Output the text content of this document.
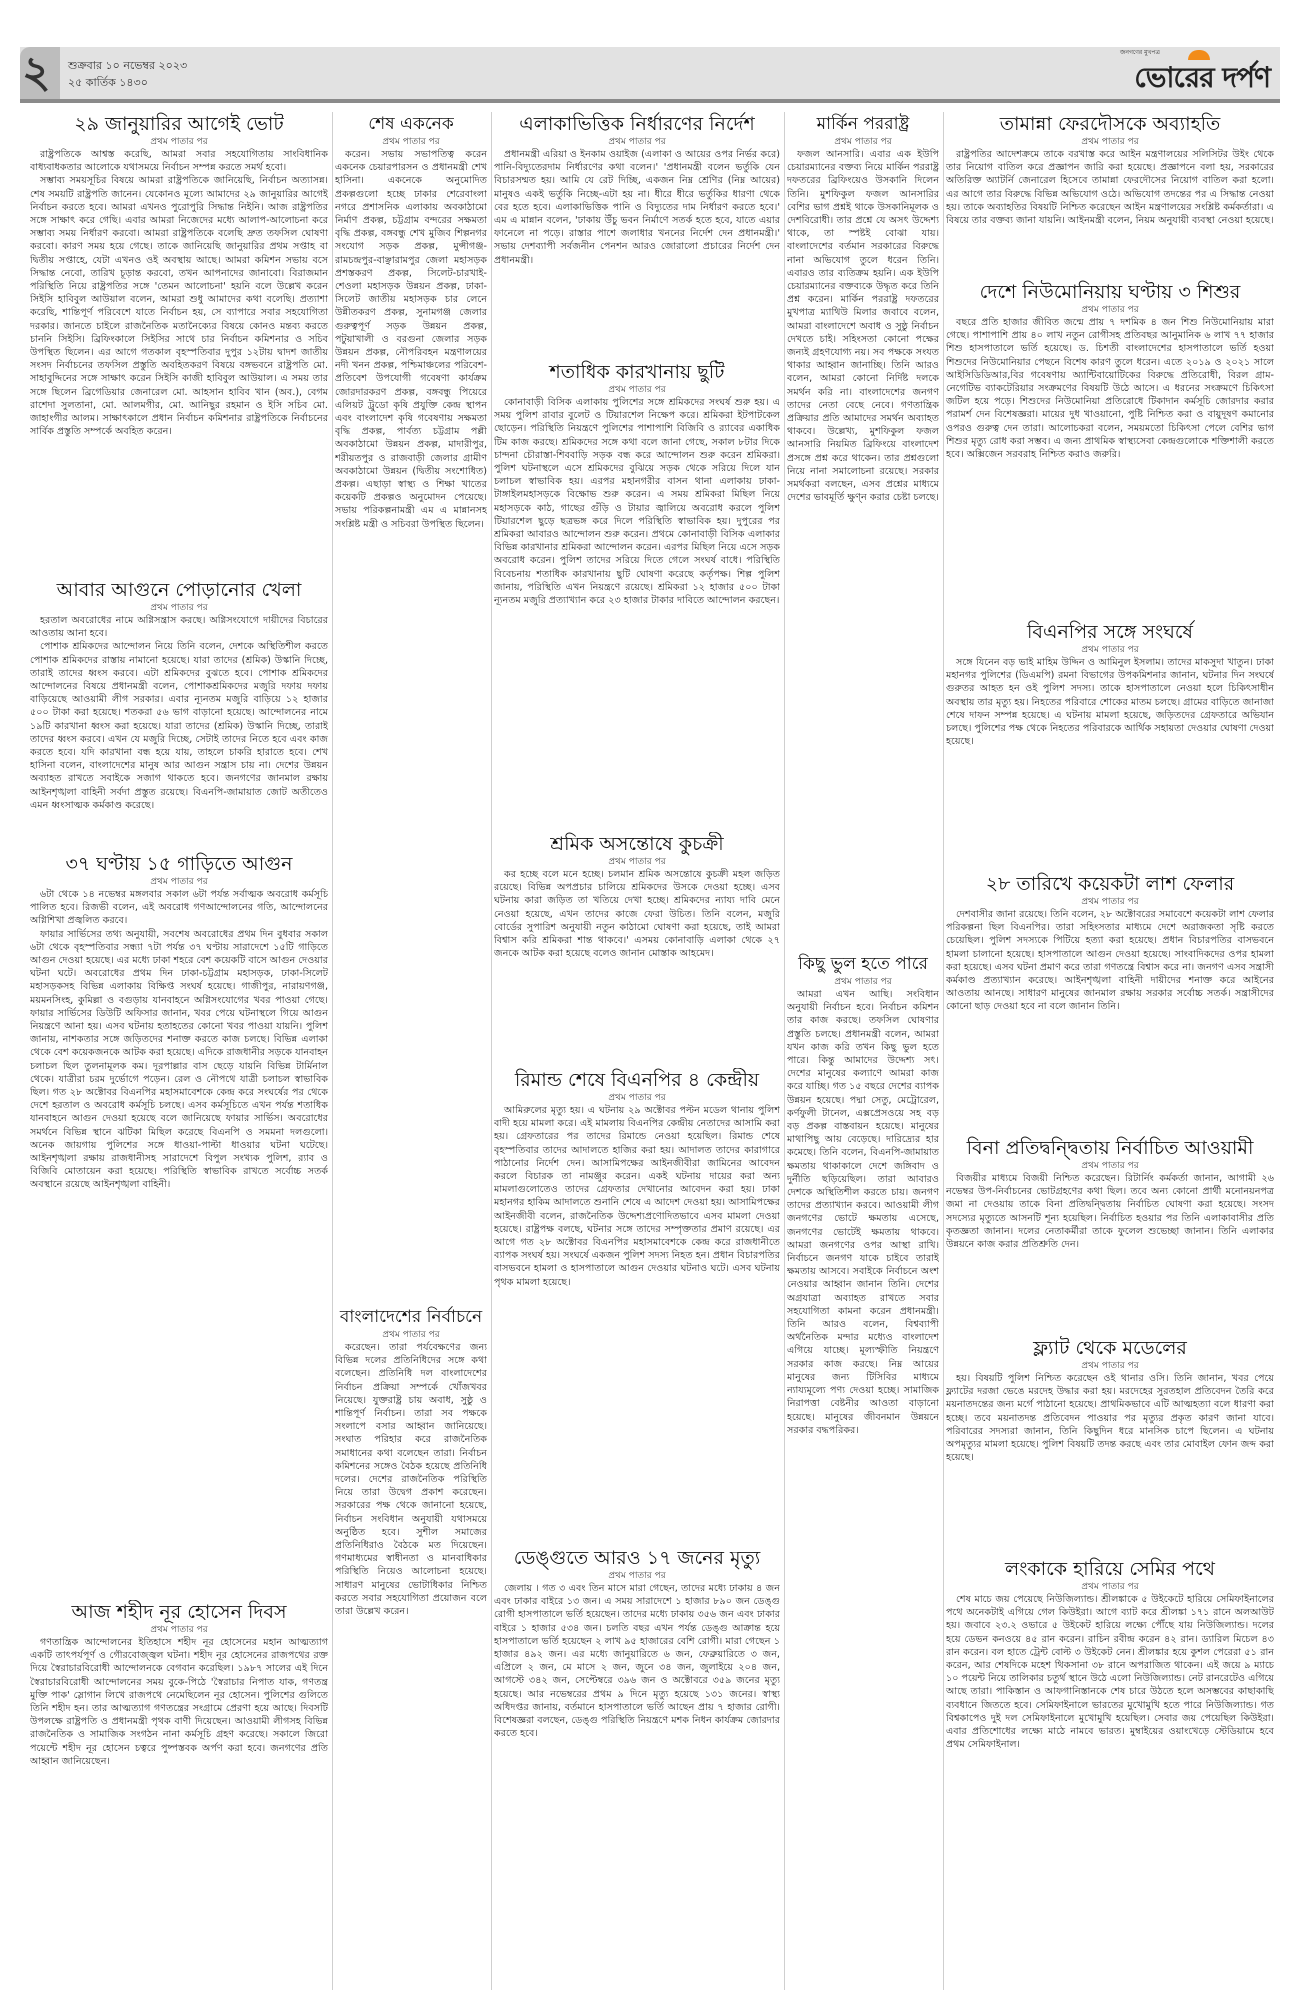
২ শুক্রবার ১০ নভেম্বর ২০২৩
২৫ কার্তিক ১৪৩০
জনগণের মুখপত্র
ভোরের দর্পণ
২৯ জানুয়ারির আগেই ভোট
প্রথম পাতার পর

রাষ্ট্রপতিকে আশ্বস্ত করেছি, আমরা সবার সহযোগিতায় সাংবিধানিক বাধ্যবাধকতার আলোকে যথাসময়ে নির্বাচন সম্পন্ন করতে সমর্থ হবো।

সম্ভাব্য সময়সূচির বিষয়ে আমরা রাষ্ট্রপতিকে জানিয়েছি, নির্বাচন অত্যাসন্ন। শেষ সময়টি রাষ্ট্রপতি জানেন। যেকোনও মূল্যে আমাদের ২৯ জানুয়ারির আগেই নির্বাচন করতে হবে। আমরা এখনও পুরোপুরি সিদ্ধান্ত নিইনি। আজ রাষ্ট্রপতির সঙ্গে সাক্ষাৎ করে গেছি। এবার আমরা নিজেদের মধ্যে আলাপ-আলোচনা করে সম্ভাব্য সময় নির্ধারণ করবো। আমরা রাষ্ট্রপতিকে বলেছি দ্রুত তফসিল ঘোষণা করবো। কারণ সময় হয়ে গেছে। তাকে জানিয়েছি জানুয়ারির প্রথম সপ্তাহ বা দ্বিতীয় সপ্তাহে, যেটা এখনও ওই অবস্থায় আছে। আমরা কমিশন সভায় বসে সিদ্ধান্ত নেবো, তারিখ চূড়ান্ত করবো, তখন আপনাদের জানাবো। বিরাজমান পরিস্থিতি নিয়ে রাষ্ট্রপতির সঙ্গে 'তেমন আলোচনা' হয়নি বলে উল্লেখ করেন সিইসি হাবিবুল আউয়াল বলেন, আমরা শুধু আমাদের কথা বলেছি। প্রত্যাশা করেছি, শান্তিপূর্ণ পরিবেশে যাতে নির্বাচন হয়, সে ব্যাপারে সবার সহযোগিতা দরকার। জানতে চাইলে রাজনৈতিক মতানৈক্যের বিষয়ে কোনও মন্তব্য করতে চাননি সিইসি। ব্রিফিংকালে সিইসির সাথে চার নির্বাচন কমিশনার ও সচিব উপস্থিত ছিলেন। এর আগে গতকাল বৃহস্পতিবার দুপুর ১২টায় দ্বাদশ জাতীয় সংসদ নির্বাচনের তফসিল প্রস্তুতি অবহিতকরণ বিষয়ে বঙ্গভবনে রাষ্ট্রপতি মো. সাহাবুদ্দিনের সঙ্গে সাক্ষাৎ করেন সিইসি কাজী হাবিবুল আউয়াল। এ সময় তার সঙ্গে ছিলেন ব্রিগেডিয়ার জেনারেল মো. আহসান হাবিব খান (অব.), বেগম রাশেদা সুলতানা, মো. আলমগীর, মো. আনিছুর রহমান ও ইসি সচিব মো. জাহাংগীর আলম। সাক্ষাৎকালে প্রধান নির্বাচন কমিশনার রাষ্ট্রপতিকে নির্বাচনের সার্বিক প্রস্তুতি সম্পর্কে অবহিত করেন।

আবার আগুনে পোড়ানোর খেলা
প্রথম পাতার পর

হরতাল অবরোধের নামে অগ্নিসন্ত্রাস করছে। অগ্নিসংযোগে দায়ীদের বিচারের আওতায় আনা হবে।

পোশাক শ্রমিকদের আন্দোলন নিয়ে তিনি বলেন, দেশকে অস্থিতিশীল করতে পোশাক শ্রমিকদের রাস্তায় নামানো হয়েছে। যারা তাদের (শ্রমিক) উস্কানি দিচ্ছে, তারাই তাদের ধ্বংস করবে। এটা শ্রমিকদের বুঝতে হবে। পোশাক শ্রমিকদের আন্দোলনের বিষয়ে প্রধানমন্ত্রী বলেন, পোশাকশ্রমিকদের মজুরি দফায় দফায় বাড়িয়েছে আওয়ামী লীগ সরকার। এবার ন্যূনতম মজুরি বাড়িয়ে ১২ হাজার ৫০০ টাকা করা হয়েছে। শতকরা ৫৬ ভাগ বাড়ানো হয়েছে। আন্দোলনের নামে ১৯টি কারখানা ধ্বংস করা হয়েছে। যারা তাদের (শ্রমিক) উস্কানি দিচ্ছে, তারাই তাদের ধ্বংস করবে। এখন যে মজুরি দিচ্ছে, সেটাই তাদের নিতে হবে এবং কাজ করতে হবে। যদি কারখানা বন্ধ হয়ে যায়, তাহলে চাকরি হারাতে হবে। শেখ হাসিনা বলেন, বাংলাদেশের মানুষ আর আগুন সন্ত্রাস চায় না। দেশের উন্নয়ন অব্যাহত রাখতে সবাইকে সজাগ থাকতে হবে। জনগণের জানমাল রক্ষায় আইনশৃঙ্খলা বাহিনী সর্বদা প্রস্তুত রয়েছে। বিএনপি-জামায়াত জোট অতীতেও এমন ধ্বংসাত্মক কর্মকাণ্ড করেছে।

৩৭ ঘণ্টায় ১৫ গাড়িতে আগুন
প্রথম পাতার পর

৬টা থেকে ১৪ নভেম্বর মঙ্গলবার সকাল ৬টা পর্যন্ত সর্বাত্মক অবরোধ কর্মসূচি পালিত হবে। রিজভী বলেন, এই অবরোধ গণআন্দোলনের গতি, আন্দোলনের অগ্নিশিখা প্রজ্বলিত করবে।

ফায়ার সার্ভিসের তথ্য অনুযায়ী, সবশেষ অবরোধের প্রথম দিন বুধবার সকাল ৬টা থেকে বৃহস্পতিবার সন্ধ্যা ৭টা পর্যন্ত ৩৭ ঘণ্টায় সারাদেশে ১৫টি গাড়িতে আগুন দেওয়া হয়েছে। এর মধ্যে ঢাকা শহরে বেশ কয়েকটি বাসে আগুন দেওয়ার ঘটনা ঘটে। অবরোধের প্রথম দিন ঢাকা-চট্টগ্রাম মহাসড়ক, ঢাকা-সিলেট মহাসড়কসহ বিভিন্ন এলাকায় বিক্ষিপ্ত সংঘর্ষ হয়েছে। গাজীপুর, নারায়ণগঞ্জ, ময়মনসিংহ, কুমিল্লা ও বগুড়ায় যানবাহনে অগ্নিসংযোগের খবর পাওয়া গেছে। ফায়ার সার্ভিসের ডিউটি অফিসার জানান, খবর পেয়ে ঘটনাস্থলে গিয়ে আগুন নিয়ন্ত্রণে আনা হয়। এসব ঘটনায় হতাহতের কোনো খবর পাওয়া যায়নি। পুলিশ জানায়, নাশকতার সঙ্গে জড়িতদের শনাক্ত করতে কাজ চলছে। বিভিন্ন এলাকা থেকে বেশ কয়েকজনকে আটক করা হয়েছে। এদিকে রাজধানীর সড়কে যানবাহন চলাচল ছিল তুলনামূলক কম। দূরপাল্লার বাস ছেড়ে যায়নি বিভিন্ন টার্মিনাল থেকে। যাত্রীরা চরম দুর্ভোগে পড়েন। রেল ও নৌপথে যাত্রী চলাচল স্বাভাবিক ছিল। গত ২৮ অক্টোবর বিএনপির মহাসমাবেশকে কেন্দ্র করে সংঘর্ষের পর থেকে দেশে হরতাল ও অবরোধ কর্মসূচি চলছে। এসব কর্মসূচিতে এখন পর্যন্ত শতাধিক যানবাহনে আগুন দেওয়া হয়েছে বলে জানিয়েছে ফায়ার সার্ভিস। অবরোধের সমর্থনে বিভিন্ন স্থানে ঝটিকা মিছিল করেছে বিএনপি ও সমমনা দলগুলো। অনেক জায়গায় পুলিশের সঙ্গে ধাওয়া-পাল্টা ধাওয়ার ঘটনা ঘটেছে। আইনশৃঙ্খলা রক্ষায় রাজধানীসহ সারাদেশে বিপুল সংখ্যক পুলিশ, র‌্যাব ও বিজিবি মোতায়েন করা হয়েছে। পরিস্থিতি স্বাভাবিক রাখতে সর্বোচ্চ সতর্ক অবস্থানে রয়েছে আইনশৃঙ্খলা বাহিনী।

আজ শহীদ নূর হোসেন দিবস
প্রথম পাতার পর

গণতান্ত্রিক আন্দোলনের ইতিহাসে শহীদ নূর হোসেনের মহান আত্মত্যাগ একটি তাৎপর্যপূর্ণ ও গৌরবোজ্জ্বল ঘটনা। শহীদ নূর হোসেনের রাজপথের রক্ত দিয়ে স্বৈরাচারবিরোধী আন্দোলনকে বেগবান করেছিল। ১৯৮৭ সালের এই দিনে স্বৈরাচারবিরোধী আন্দোলনের সময় বুকে-পিঠে 'স্বৈরাচার নিপাত যাক, গণতন্ত্র মুক্তি পাক' স্লোগান লিখে রাজপথে নেমেছিলেন নূর হোসেন। পুলিশের গুলিতে তিনি শহীদ হন। তার আত্মত্যাগ গণতন্ত্রের সংগ্রামে প্রেরণা হয়ে আছে। দিবসটি উপলক্ষে রাষ্ট্রপতি ও প্রধানমন্ত্রী পৃথক বাণী দিয়েছেন। আওয়ামী লীগসহ বিভিন্ন রাজনৈতিক ও সামাজিক সংগঠন নানা কর্মসূচি গ্রহণ করেছে। সকালে জিরো পয়েন্টে শহীদ নূর হোসেন চত্বরে পুষ্পস্তবক অর্পণ করা হবে। জনগণের প্রতি আহ্বান জানিয়েছেন।

শেষ একনেক
প্রথম পাতার পর

করেন। সভায় সভাপতিত্ব করেন একনেক চেয়ারপারসন ও প্রধানমন্ত্রী শেখ হাসিনা। একনেকে অনুমোদিত প্রকল্পগুলো হচ্ছে ঢাকার শেরেবাংলা নগরে প্রশাসনিক এলাকায় অবকাঠামো নির্মাণ প্রকল্প, চট্টগ্রাম বন্দরের সক্ষমতা বৃদ্ধি প্রকল্প, বঙ্গবন্ধু শেখ মুজিব শিল্পনগর সংযোগ সড়ক প্রকল্প, মুন্সীগঞ্জ-রামচন্দ্রপুর-বাঞ্ছারামপুর জেলা মহাসড়ক প্রশস্তকরণ প্রকল্প, সিলেট-চারখাই-শেওলা মহাসড়ক উন্নয়ন প্রকল্প, ঢাকা-সিলেট জাতীয় মহাসড়ক চার লেনে উন্নীতকরণ প্রকল্প, সুনামগঞ্জ জেলার গুরুত্বপূর্ণ সড়ক উন্নয়ন প্রকল্প, পটুয়াখালী ও বরগুনা জেলার সড়ক উন্নয়ন প্রকল্প, নৌপরিবহন মন্ত্রণালয়ের নদী খনন প্রকল্প, পশ্চিমাঞ্চলের পরিবেশ-প্রতিবেশ উপযোগী গবেষণা কার্যক্রম জোরদারকরণ প্রকল্প, বঙ্গবন্ধু পিয়েরে এলিয়ট ট্রুডো কৃষি প্রযুক্তি কেন্দ্র স্থাপন এবং বাংলাদেশ কৃষি গবেষণায় সক্ষমতা বৃদ্ধি প্রকল্প, পার্বত্য চট্টগ্রাম পল্লী অবকাঠামো উন্নয়ন প্রকল্প, মাদারীপুর, শরীয়তপুর ও রাজবাড়ী জেলার গ্রামীণ অবকাঠামো উন্নয়ন (দ্বিতীয় সংশোধিত) প্রকল্প। এছাড়া স্বাস্থ্য ও শিক্ষা খাতের কয়েকটি প্রকল্পও অনুমোদন পেয়েছে। সভায় পরিকল্পনামন্ত্রী এম এ মান্নানসহ সংশ্লিষ্ট মন্ত্রী ও সচিবরা উপস্থিত ছিলেন।

বাংলাদেশের নির্বাচনে
প্রথম পাতার পর

করেছেন। তারা পর্যবেক্ষণের জন্য বিভিন্ন দলের প্রতিনিধিদের সঙ্গে কথা বলেছেন। প্রতিনিধি দল বাংলাদেশের নির্বাচন প্রক্রিয়া সম্পর্কে খোঁজখবর নিয়েছে। যুক্তরাষ্ট্র চায় অবাধ, সুষ্ঠু ও শান্তিপূর্ণ নির্বাচন। তারা সব পক্ষকে সংলাপে বসার আহ্বান জানিয়েছে। সংঘাত পরিহার করে রাজনৈতিক সমাধানের কথা বলেছেন তারা। নির্বাচন কমিশনের সঙ্গেও বৈঠক হয়েছে প্রতিনিধি দলের। দেশের রাজনৈতিক পরিস্থিতি নিয়ে তারা উদ্বেগ প্রকাশ করেছেন। সরকারের পক্ষ থেকে জানানো হয়েছে, নির্বাচন সংবিধান অনুযায়ী যথাসময়ে অনুষ্ঠিত হবে। সুশীল সমাজের প্রতিনিধিরাও বৈঠকে মত দিয়েছেন। গণমাধ্যমের স্বাধীনতা ও মানবাধিকার পরিস্থিতি নিয়েও আলোচনা হয়েছে। সাধারণ মানুষের ভোটাধিকার নিশ্চিত করতে সবার সহযোগিতা প্রয়োজন বলে তারা উল্লেখ করেন।

এলাকাভিত্তিক নির্ধারণের নির্দেশ
প্রথম পাতার পর

প্রধানমন্ত্রী এরিয়া ও ইনকাম ওয়াইজ (এলাকা ও আয়ের ওপর নির্ভর করে) পানি-বিদ্যুতেরদাম নির্ধারণের কথা বলেন।' 'প্রধানমন্ত্রী বলেন ভর্তুকি যেন বিচারসম্মত হয়। আমি যে রেট দিচ্ছি, একজন নিম্ন শ্রেণির (নিম্ন আয়ের) মানুষও একই ভর্তুকি নিচ্ছে-এটা হয় না। ধীরে ধীরে ভর্তুকির ধারণা থেকে বের হতে হবে। এলাকাভিত্তিক পানি ও বিদ্যুতের দাম নির্ধারণ করতে হবে।' এম এ মান্নান বলেন, 'ঢাকায় উঁচু ভবন নির্মাণে সতর্ক হতে হবে, যাতে এয়ার ফানেলে না পড়ে। রাস্তার পাশে জলাধার খননের নির্দেশ দেন প্রধানমন্ত্রী।' সভায় দেশব্যাপী সর্বজনীন পেনশন আরও জোরালো প্রচারের নির্দেশ দেন প্রধানমন্ত্রী।

শতাধিক কারখানায় ছুটি
প্রথম পাতার পর

কোনাবাড়ী বিসিক এলাকায় পুলিশের সঙ্গে শ্রমিকদের সংঘর্ষ শুরু হয়। এ সময় পুলিশ রাবার বুলেট ও টিয়ারশেল নিক্ষেপ করে। শ্রমিকরা ইটপাটকেল ছোড়েন। পরিস্থিতি নিয়ন্ত্রণে পুলিশের পাশাপাশি বিজিবি ও র‌্যাবের একাধিক টিম কাজ করছে। শ্রমিকদের সঙ্গে কথা বলে জানা গেছে, সকাল ৮টার দিকে চান্দনা চৌরাস্তা-শিববাড়ি সড়ক বন্ধ করে আন্দোলন শুরু করেন শ্রমিকরা। পুলিশ ঘটনাস্থলে এসে শ্রমিকদের বুঝিয়ে সড়ক থেকে সরিয়ে দিলে যান চলাচল স্বাভাবিক হয়। এরপর মহানগরীর বাসন থানা এলাকায় ঢাকা-টাঙ্গাইলমহাসড়কে বিক্ষোভ শুরু করেন। এ সময় শ্রমিকরা মিছিল নিয়ে মহাসড়কে কাঠ, গাছের গুঁড়ি ও টায়ার জ্বালিয়ে অবরোধ করলে পুলিশ টিয়ারশেল ছুড়ে ছত্রভঙ্গ করে দিলে পরিস্থিতি স্বাভাবিক হয়। দুপুরের পর শ্রমিকরা আবারও আন্দোলন শুরু করেন। প্রথমে কোনাবাড়ী বিসিক এলাকার বিভিন্ন কারখানার শ্রমিকরা আন্দোলন করেন। এরপর মিছিল নিয়ে এসে সড়ক অবরোধ করেন। পুলিশ তাদের সরিয়ে দিতে গেলে সংঘর্ষ বাধে। পরিস্থিতি বিবেচনায় শতাধিক কারখানায় ছুটি ঘোষণা করেছে কর্তৃপক্ষ। শিল্প পুলিশ জানায়, পরিস্থিতি এখন নিয়ন্ত্রণে রয়েছে। শ্রমিকরা ১২ হাজার ৫০০ টাকা ন্যূনতম মজুরি প্রত্যাখ্যান করে ২৩ হাজার টাকার দাবিতে আন্দোলন করছেন।

শ্রমিক অসন্তোষে কুচক্রী
প্রথম পাতার পর

কর হচ্ছে বলে মনে হচ্ছে। চলমান শ্রমিক অসন্তোষে কুচক্রী মহল জড়িত রয়েছে। বিভিন্ন অপপ্রচার চালিয়ে শ্রমিকদের উসকে দেওয়া হচ্ছে। এসব ঘটনায় কারা জড়িত তা খতিয়ে দেখা হচ্ছে। শ্রমিকদের ন্যায্য দাবি মেনে নেওয়া হয়েছে, এখন তাদের কাজে ফেরা উচিত। তিনি বলেন, মজুরি বোর্ডের সুপারিশ অনুযায়ী নতুন কাঠামো ঘোষণা করা হয়েছে, তাই আমরা বিশ্বাস করি শ্রমিকরা শান্ত থাকবে।' এসময় কোনাবাড়ি এলাকা থেকে ২৭ জনকে আটক করা হয়েছে বলেও জানান মোস্তাক আহমেদ।

রিমান্ড শেষে বিএনপির ৪ কেন্দ্রীয়
প্রথম পাতার পর

আমিরুলের মৃত্যু হয়। এ ঘটনায় ২৯ অক্টোবর পল্টন মডেল থানায় পুলিশ বাদী হয়ে মামলা করে। এই মামলায় বিএনপির কেন্দ্রীয় নেতাদের আসামি করা হয়। গ্রেফতারের পর তাদের রিমান্ডে নেওয়া হয়েছিল। রিমান্ড শেষে বৃহস্পতিবার তাদের আদালতে হাজির করা হয়। আদালত তাদের কারাগারে পাঠানোর নির্দেশ দেন। আসামিপক্ষের আইনজীবীরা জামিনের আবেদন করলে বিচারক তা নামঞ্জুর করেন। একই ঘটনায় দায়ের করা অন্য মামলাগুলোতেও তাদের গ্রেফতার দেখানোর আবেদন করা হয়। ঢাকা মহানগর হাকিম আদালতে শুনানি শেষে এ আদেশ দেওয়া হয়। আসামিপক্ষের আইনজীবী বলেন, রাজনৈতিক উদ্দেশ্যপ্রণোদিতভাবে এসব মামলা দেওয়া হয়েছে। রাষ্ট্রপক্ষ বলছে, ঘটনার সঙ্গে তাদের সম্পৃক্ততার প্রমাণ রয়েছে। এর আগে গত ২৮ অক্টোবর বিএনপির মহাসমাবেশকে কেন্দ্র করে রাজধানীতে ব্যাপক সংঘর্ষ হয়। সংঘর্ষে একজন পুলিশ সদস্য নিহত হন। প্রধান বিচারপতির বাসভবনে হামলা ও হাসপাতালে আগুন দেওয়ার ঘটনাও ঘটে। এসব ঘটনায় পৃথক মামলা হয়েছে।

ডেঙ্গুতে আরও ১৭ জনের মৃত্যু
প্রথম পাতার পর

জেলায় । গত ৩ এবং তিন মাসে মারা গেছেন, তাদের মধ্যে ঢাকায় ৪ জন এবং ঢাকার বাইরে ১৩ জন। এ সময় সারাদেশে ১ হাজার ৮৯০ জন ডেঙ্গু রোগী হাসপাতালে ভর্তি হয়েছেন। তাদের মধ্যে ঢাকায় ৩৫৬ জন এবং ঢাকার বাইরে ১ হাজার ৫৩৪ জন। চলতি বছর এখন পর্যন্ত ডেঙ্গু আক্রান্ত হয়ে হাসপাতালে ভর্তি হয়েছেন ২ লাখ ৯৫ হাজারের বেশি রোগী। মারা গেছেন ১ হাজার ৪৯২ জন। এর মধ্যে জানুয়ারিতে ৬ জন, ফেব্রুয়ারিতে ৩ জন, এপ্রিলে ২ জন, মে মাসে ২ জন, জুনে ৩৪ জন, জুলাইয়ে ২০৪ জন, আগস্টে ৩৪২ জন, সেপ্টেম্বরে ৩৯৬ জন ও অক্টোবরে ৩৫৯ জনের মৃত্যু হয়েছে। আর নভেম্বরের প্রথম ৯ দিনে মৃত্যু হয়েছে ১৩১ জনের। স্বাস্থ্য অধিদপ্তর জানায়, বর্তমানে হাসপাতালে ভর্তি আছেন প্রায় ৭ হাজার রোগী। বিশেষজ্ঞরা বলছেন, ডেঙ্গু পরিস্থিতি নিয়ন্ত্রণে মশক নিধন কার্যক্রম জোরদার করতে হবে।

মার্কিন পররাষ্ট্র
প্রথম পাতার পর

ফজল আনসারি। এবার এক ইউপি চেয়ারম্যানের বক্তব্য নিয়ে মার্কিন পররাষ্ট্র দফতরের ব্রিফিংয়েও উসকানি দিলেন তিনি। মুশফিকুল ফজল আনসারির বেশির ভাগ প্রশ্নই থাকে উসকানিমূলক ও দেশবিরোধী। তার প্রশ্নে যে অসৎ উদ্দেশ্য থাকে, তা স্পষ্টই বোঝা যায়। বাংলাদেশের বর্তমান সরকারের বিরুদ্ধে নানা অভিযোগ তুলে ধরেন তিনি। এবারও তার ব্যতিক্রম হয়নি। এক ইউপি চেয়ারম্যানের বক্তব্যকে উদ্ধৃত করে তিনি প্রশ্ন করেন। মার্কিন পররাষ্ট্র দফতরের মুখপাত্র ম্যাথিউ মিলার জবাবে বলেন, আমরা বাংলাদেশে অবাধ ও সুষ্ঠু নির্বাচন দেখতে চাই। সহিংসতা কোনো পক্ষের জন্যই গ্রহণযোগ্য নয়। সব পক্ষকে সংযত থাকার আহ্বান জানাচ্ছি। তিনি আরও বলেন, আমরা কোনো নির্দিষ্ট দলকে সমর্থন করি না। বাংলাদেশের জনগণ তাদের নেতা বেছে নেবে। গণতান্ত্রিক প্রক্রিয়ার প্রতি আমাদের সমর্থন অব্যাহত থাকবে। উল্লেখ্য, মুশফিকুল ফজল আনসারি নিয়মিত ব্রিফিংয়ে বাংলাদেশ প্রসঙ্গে প্রশ্ন করে থাকেন। তার প্রশ্নগুলো নিয়ে নানা সমালোচনা রয়েছে। সরকার সমর্থকরা বলছেন, এসব প্রশ্নের মাধ্যমে দেশের ভাবমূর্তি ক্ষুণ্ন করার চেষ্টা চলছে।

কিছু ভুল হতে পারে
প্রথম পাতার পর

আমরা এখন আছি। সংবিধান অনুযায়ী নির্বাচন হবে। নির্বাচন কমিশন তার কাজ করছে। তফসিল ঘোষণার প্রস্তুতি চলছে। প্রধানমন্ত্রী বলেন, আমরা যখন কাজ করি তখন কিছু ভুল হতে পারে। কিন্তু আমাদের উদ্দেশ্য সৎ। দেশের মানুষের কল্যাণে আমরা কাজ করে যাচ্ছি। গত ১৫ বছরে দেশের ব্যাপক উন্নয়ন হয়েছে। পদ্মা সেতু, মেট্রোরেল, কর্ণফুলী টানেল, এক্সপ্রেসওয়ে সহ বড় বড় প্রকল্প বাস্তবায়ন হয়েছে। মানুষের মাথাপিছু আয় বেড়েছে। দারিদ্র্যের হার কমেছে। তিনি বলেন, বিএনপি-জামায়াত ক্ষমতায় থাকাকালে দেশে জঙ্গিবাদ ও দুর্নীতি ছড়িয়েছিল। তারা আবারও দেশকে অস্থিতিশীল করতে চায়। জনগণ তাদের প্রত্যাখ্যান করবে। আওয়ামী লীগ জনগণের ভোটে ক্ষমতায় এসেছে, জনগণের ভোটেই ক্ষমতায় থাকবে। আমরা জনগণের ওপর আস্থা রাখি। নির্বাচনে জনগণ যাকে চাইবে তারাই ক্ষমতায় আসবে। সবাইকে নির্বাচনে অংশ নেওয়ার আহ্বান জানান তিনি। দেশের অগ্রযাত্রা অব্যাহত রাখতে সবার সহযোগিতা কামনা করেন প্রধানমন্ত্রী। তিনি আরও বলেন, বিশ্বব্যাপী অর্থনৈতিক মন্দার মধ্যেও বাংলাদেশ এগিয়ে যাচ্ছে। মূল্যস্ফীতি নিয়ন্ত্রণে সরকার কাজ করছে। নিম্ন আয়ের মানুষের জন্য টিসিবির মাধ্যমে ন্যায্যমূল্যে পণ্য দেওয়া হচ্ছে। সামাজিক নিরাপত্তা বেষ্টনীর আওতা বাড়ানো হয়েছে। মানুষের জীবনমান উন্নয়নে সরকার বদ্ধপরিকর।

তামান্না ফেরদৌসকে অব্যাহতি
প্রথম পাতার পর

রাষ্ট্রপতির আদেশক্রমে তাকে বরখাস্ত করে আইন মন্ত্রণালয়ের সলিসিটর উইং থেকে তার নিয়োগ বাতিল করে প্রজ্ঞাপন জারি করা হয়েছে। প্রজ্ঞাপনে বলা হয়, সরকারের অতিরিক্ত অ্যাটর্নি জেনারেল হিসেবে তামান্না ফেরদৌসের নিয়োগ বাতিল করা হলো। এর আগে তার বিরুদ্ধে বিভিন্ন অভিযোগ ওঠে। অভিযোগ তদন্তের পর এ সিদ্ধান্ত নেওয়া হয়। তাকে অব্যাহতির বিষয়টি নিশ্চিত করেছেন আইন মন্ত্রণালয়ের সংশ্লিষ্ট কর্মকর্তারা। এ বিষয়ে তার বক্তব্য জানা যায়নি। আইনমন্ত্রী বলেন, নিয়ম অনুযায়ী ব্যবস্থা নেওয়া হয়েছে।

দেশে নিউমোনিয়ায় ঘণ্টায় ৩ শিশুর
প্রথম পাতার পর

বছরে প্রতি হাজার জীবিত জন্মে প্রায় ৭ দশমিক ৪ জন শিশু নিউমোনিয়ায় মারা গেছে। পাশাপাশি প্রায় ৪০ লাখ নতুন রোগীসহ প্রতিবছর আনুমানিক ৬ লাখ ৭৭ হাজার শিশু হাসপাতালে ভর্তি হয়েছে। ড. চিশতী বাংলাদেশের হাসপাতালে ভর্তি হওয়া শিশুদের নিউমোনিয়ার পেছনে বিশেষ কারণ তুলে ধরেন। এতে ২০১৯ ও ২০২১ সালে আইসিডিডিআর,বির গবেষণায় অ্যান্টিবায়োটিকের বিরুদ্ধে প্রতিরোধী, বিরল গ্রাম-নেগেটিভ ব্যাকটেরিয়ার সংক্রমণের বিষয়টি উঠে আসে। এ ধরনের সংক্রমণে চিকিৎসা জটিল হয়ে পড়ে। শিশুদের নিউমোনিয়া প্রতিরোধে টিকাদান কর্মসূচি জোরদার করার পরামর্শ দেন বিশেষজ্ঞরা। মায়ের দুধ খাওয়ানো, পুষ্টি নিশ্চিত করা ও বায়ুদূষণ কমানোর ওপরও গুরুত্ব দেন তারা। আলোচকরা বলেন, সময়মতো চিকিৎসা পেলে বেশির ভাগ শিশুর মৃত্যু রোধ করা সম্ভব। এ জন্য প্রাথমিক স্বাস্থ্যসেবা কেন্দ্রগুলোকে শক্তিশালী করতে হবে। অক্সিজেন সরবরাহ নিশ্চিত করাও জরুরি।

বিএনপির সঙ্গে সংঘর্ষে
প্রথম পাতার পর

সঙ্গে যিনেন বড় ভাই মাহিম উদ্দিন ও আমিনুল ইসলাম। তাদের মাকসুদা খাতুন। ঢাকা মহানগর পুলিশের (ডিএমপি) রমনা বিভাগের উপকমিশনার জানান, ঘটনার দিন সংঘর্ষে গুরুতর আহত হন ওই পুলিশ সদস্য। তাকে হাসপাতালে নেওয়া হলে চিকিৎসাধীন অবস্থায় তার মৃত্যু হয়। নিহতের পরিবারে শোকের মাতম চলছে। গ্রামের বাড়িতে জানাজা শেষে দাফন সম্পন্ন হয়েছে। এ ঘটনায় মামলা হয়েছে, জড়িতদের গ্রেফতারে অভিযান চলছে। পুলিশের পক্ষ থেকে নিহতের পরিবারকে আর্থিক সহায়তা দেওয়ার ঘোষণা দেওয়া হয়েছে।

২৮ তারিখে কয়েকটা লাশ ফেলার
প্রথম পাতার পর

দেশবাসীর জানা রয়েছে। তিনি বলেন, ২৮ অক্টোবরের সমাবেশে কয়েকটা লাশ ফেলার পরিকল্পনা ছিল বিএনপির। তারা সহিংসতার মাধ্যমে দেশে অরাজকতা সৃষ্টি করতে চেয়েছিল। পুলিশ সদস্যকে পিটিয়ে হত্যা করা হয়েছে। প্রধান বিচারপতির বাসভবনে হামলা চালানো হয়েছে। হাসপাতালে আগুন দেওয়া হয়েছে। সাংবাদিকদের ওপর হামলা করা হয়েছে। এসব ঘটনা প্রমাণ করে তারা গণতন্ত্রে বিশ্বাস করে না। জনগণ এসব সন্ত্রাসী কর্মকাণ্ড প্রত্যাখ্যান করেছে। আইনশৃঙ্খলা বাহিনী দায়ীদের শনাক্ত করে আইনের আওতায় আনছে। সাধারণ মানুষের জানমাল রক্ষায় সরকার সর্বোচ্চ সতর্ক। সন্ত্রাসীদের কোনো ছাড় দেওয়া হবে না বলে জানান তিনি।

বিনা প্রতিদ্বন্দ্বিতায় নির্বাচিত আওয়ামী
প্রথম পাতার পর

বিজয়ীর মাধ্যমে বিজয়ী নিশ্চিত করেছেন। রিটার্নিং কর্মকর্তা জানান, আগামী ২৬ নভেম্বর উপ-নির্বাচনের ভোটগ্রহণের কথা ছিল। তবে অন্য কোনো প্রার্থী মনোনয়নপত্র জমা না দেওয়ায় তাকে বিনা প্রতিদ্বন্দ্বিতায় নির্বাচিত ঘোষণা করা হয়েছে। সংসদ সদস্যের মৃত্যুতে আসনটি শূন্য হয়েছিল। নির্বাচিত হওয়ার পর তিনি এলাকাবাসীর প্রতি কৃতজ্ঞতা জানান। দলের নেতাকর্মীরা তাকে ফুলেল শুভেচ্ছা জানান। তিনি এলাকার উন্নয়নে কাজ করার প্রতিশ্রুতি দেন।

ফ্ল্যাট থেকে মডেলের
প্রথম পাতার পর

হয়। বিষয়টি পুলিশ নিশ্চিত করেছেন ওই থানার ওসি। তিনি জানান, খবর পেয়ে ফ্ল্যাটের দরজা ভেঙে মরদেহ উদ্ধার করা হয়। মরদেহের সুরতহাল প্রতিবেদন তৈরি করে ময়নাতদন্তের জন্য মর্গে পাঠানো হয়েছে। প্রাথমিকভাবে এটি আত্মহত্যা বলে ধারণা করা হচ্ছে। তবে ময়নাতদন্ত প্রতিবেদন পাওয়ার পর মৃত্যুর প্রকৃত কারণ জানা যাবে। পরিবারের সদস্যরা জানান, তিনি কিছুদিন ধরে মানসিক চাপে ছিলেন। এ ঘটনায় অপমৃত্যুর মামলা হয়েছে। পুলিশ বিষয়টি তদন্ত করছে এবং তার মোবাইল ফোন জব্দ করা হয়েছে।

লংকাকে হারিয়ে সেমির পথে
প্রথম পাতার পর

শেষ মাচে জয় পেয়েছে নিউজিল্যান্ড। শ্রীলঙ্কাকে ৫ উইকেটে হারিয়ে সেমিফাইনালের পথে অনেকটাই এগিয়ে গেল কিউইরা। আগে ব্যাট করে শ্রীলঙ্কা ১৭১ রানে অলআউট হয়। জবাবে ২৩.২ ওভারে ৫ উইকেট হারিয়ে লক্ষ্যে পৌঁছে যায় নিউজিল্যান্ড। দলের হয়ে ডেভন কনওয়ে ৪৫ রান করেন। রাচিন রবীন্দ্র করেন ৪২ রান। ড্যারিল মিচেল ৪৩ রান করেন। বল হাতে ট্রেন্ট বোল্ট ৩ উইকেট নেন। শ্রীলঙ্কার হয়ে কুশল পেরেরা ৫১ রান করেন, আর শেষদিকে মহেশ থিকসানা ৩৮ রানে অপরাজিত থাকেন। এই জয়ে ৯ ম্যাচে ১০ পয়েন্ট নিয়ে তালিকার চতুর্থ স্থানে উঠে এলো নিউজিল্যান্ড। নেট রানরেটেও এগিয়ে আছে তারা। পাকিস্তান ও আফগানিস্তানকে শেষ চারে উঠতে হলে অসম্ভবের কাছাকাছি ব্যবধানে জিততে হবে। সেমিফাইনালে ভারতের মুখোমুখি হতে পারে নিউজিল্যান্ড। গত বিশ্বকাপেও দুই দল সেমিফাইনালে মুখোমুখি হয়েছিল। সেবার জয় পেয়েছিল কিউইরা। এবার প্রতিশোধের লক্ষ্যে মাঠে নামবে ভারত। মুম্বাইয়ের ওয়াংখেড়ে স্টেডিয়ামে হবে প্রথম সেমিফাইনাল।
